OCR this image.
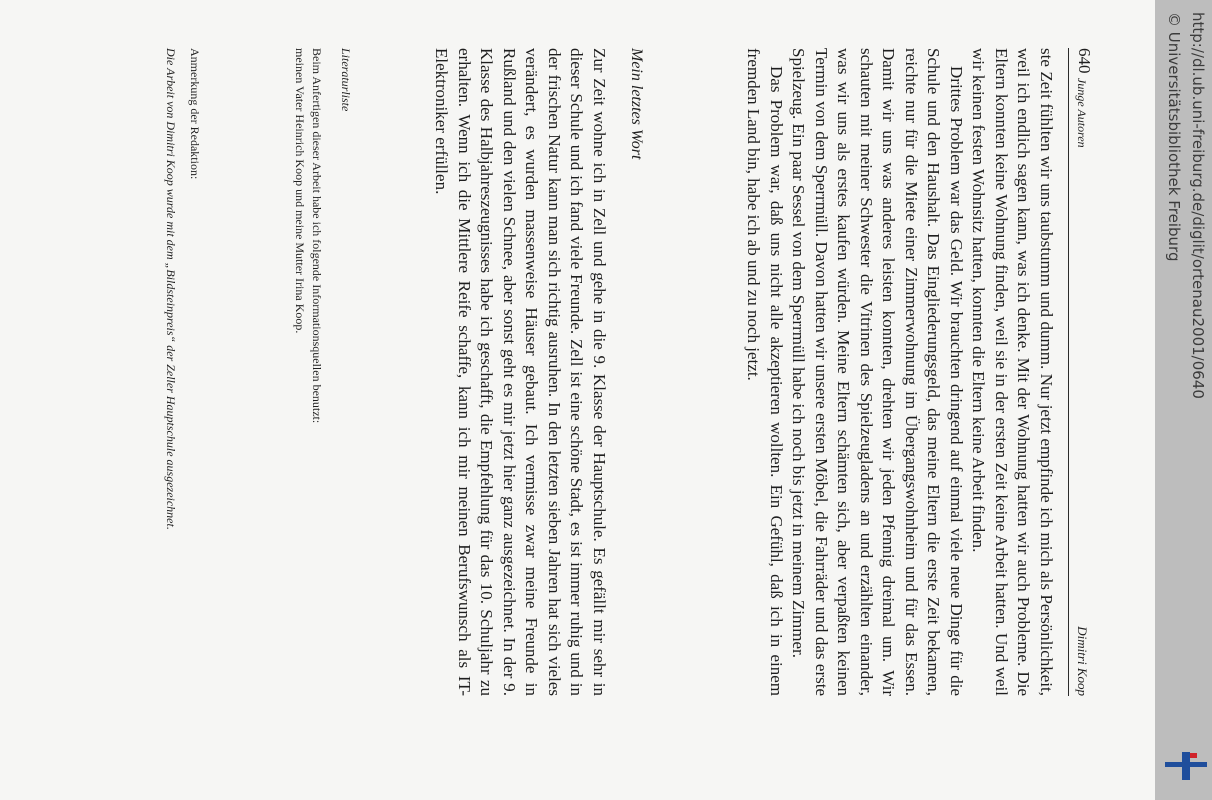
640
Junge Autoren
Dimitri Koop

ste Zeit fühlten wir uns taubstumm und dumm. Nur jetzt empfinde ich mich als Persönlichkeit, weil ich endlich sagen kann, was ich denke. Mit der Wohnung hatten wir auch Probleme. Die Eltern konnten keine Wohnung finden, weil sie in der ersten Zeit keine Arbeit hatten. Und weil wir keinen festen Wohnsitz hatten, konnten die Eltern keine Arbeit finden.

Drittes Problem war das Geld. Wir brauchten dringend auf einmal viele neue Dinge für die Schule und den Haushalt. Das Eingliederungsgeld, das meine Eltern die erste Zeit bekamen, reichte nur für die Miete einer Zimmerwohnung im Übergangswohnheim und für das Essen. Damit wir uns was anderes leisten konnten, drehten wir jeden Pfennig dreimal um. Wir schauten mit meiner Schwester die Vitrinen des Spielzeugladens an und erzählten einander, was wir uns als erstes kaufen würden. Meine Eltern schämten sich, aber verpaßten keinen Termin von dem Sperrmüll. Davon hatten wir unsere ersten Möbel, die Fahrräder und das erste Spielzeug. Ein paar Sessel von dem Sperrmüll habe ich noch bis jetzt in meinem Zimmer.

Das Problem war, daß uns nicht alle akzeptieren wollten. Ein Gefühl, daß ich in einem fremden Land bin, habe ich ab und zu noch jetzt.

Mein letztes Wort

Zur Zeit wohne ich in Zell und gehe in die 9. Klasse der Hauptschule. Es gefällt mir sehr in dieser Schule und ich fand viele Freunde. Zell ist eine schöne Stadt, es ist immer ruhig und in der frischen Natur kann man sich richtig ausruhen. In den letzten sieben Jahren hat sich vieles verändert, es wurden massenweise Häuser gebaut. Ich vermisse zwar meine Freunde in Rußland und den vielen Schnee, aber sonst geht es mir jetzt hier ganz ausgezeichnet. In der 9. Klasse des Halbjahreszeugnisses habe ich geschafft, die Empfehlung für das 10. Schuljahr zu erhalten. Wenn ich die Mittlere Reife schaffe, kann ich mir meinen Berufswunsch als IT-Elektroniker erfüllen.

Literaturliste
Beim Anfertigen dieser Arbeit habe ich folgende Informationsquellen benutzt:
meinen Vater Heinrich Koop und meine Mutter Irina Koop.
Anmerkung der Redaktion:
Die Arbeit von Dimitri Koop wurde mit dem „Bildsteinpreis“ der Zeller Hauptschule ausgezeichnet.	http://dl.ub.uni-freiburg.de/diglit/ortenau2001/0640
© Universitätsbibliothek Freiburg
